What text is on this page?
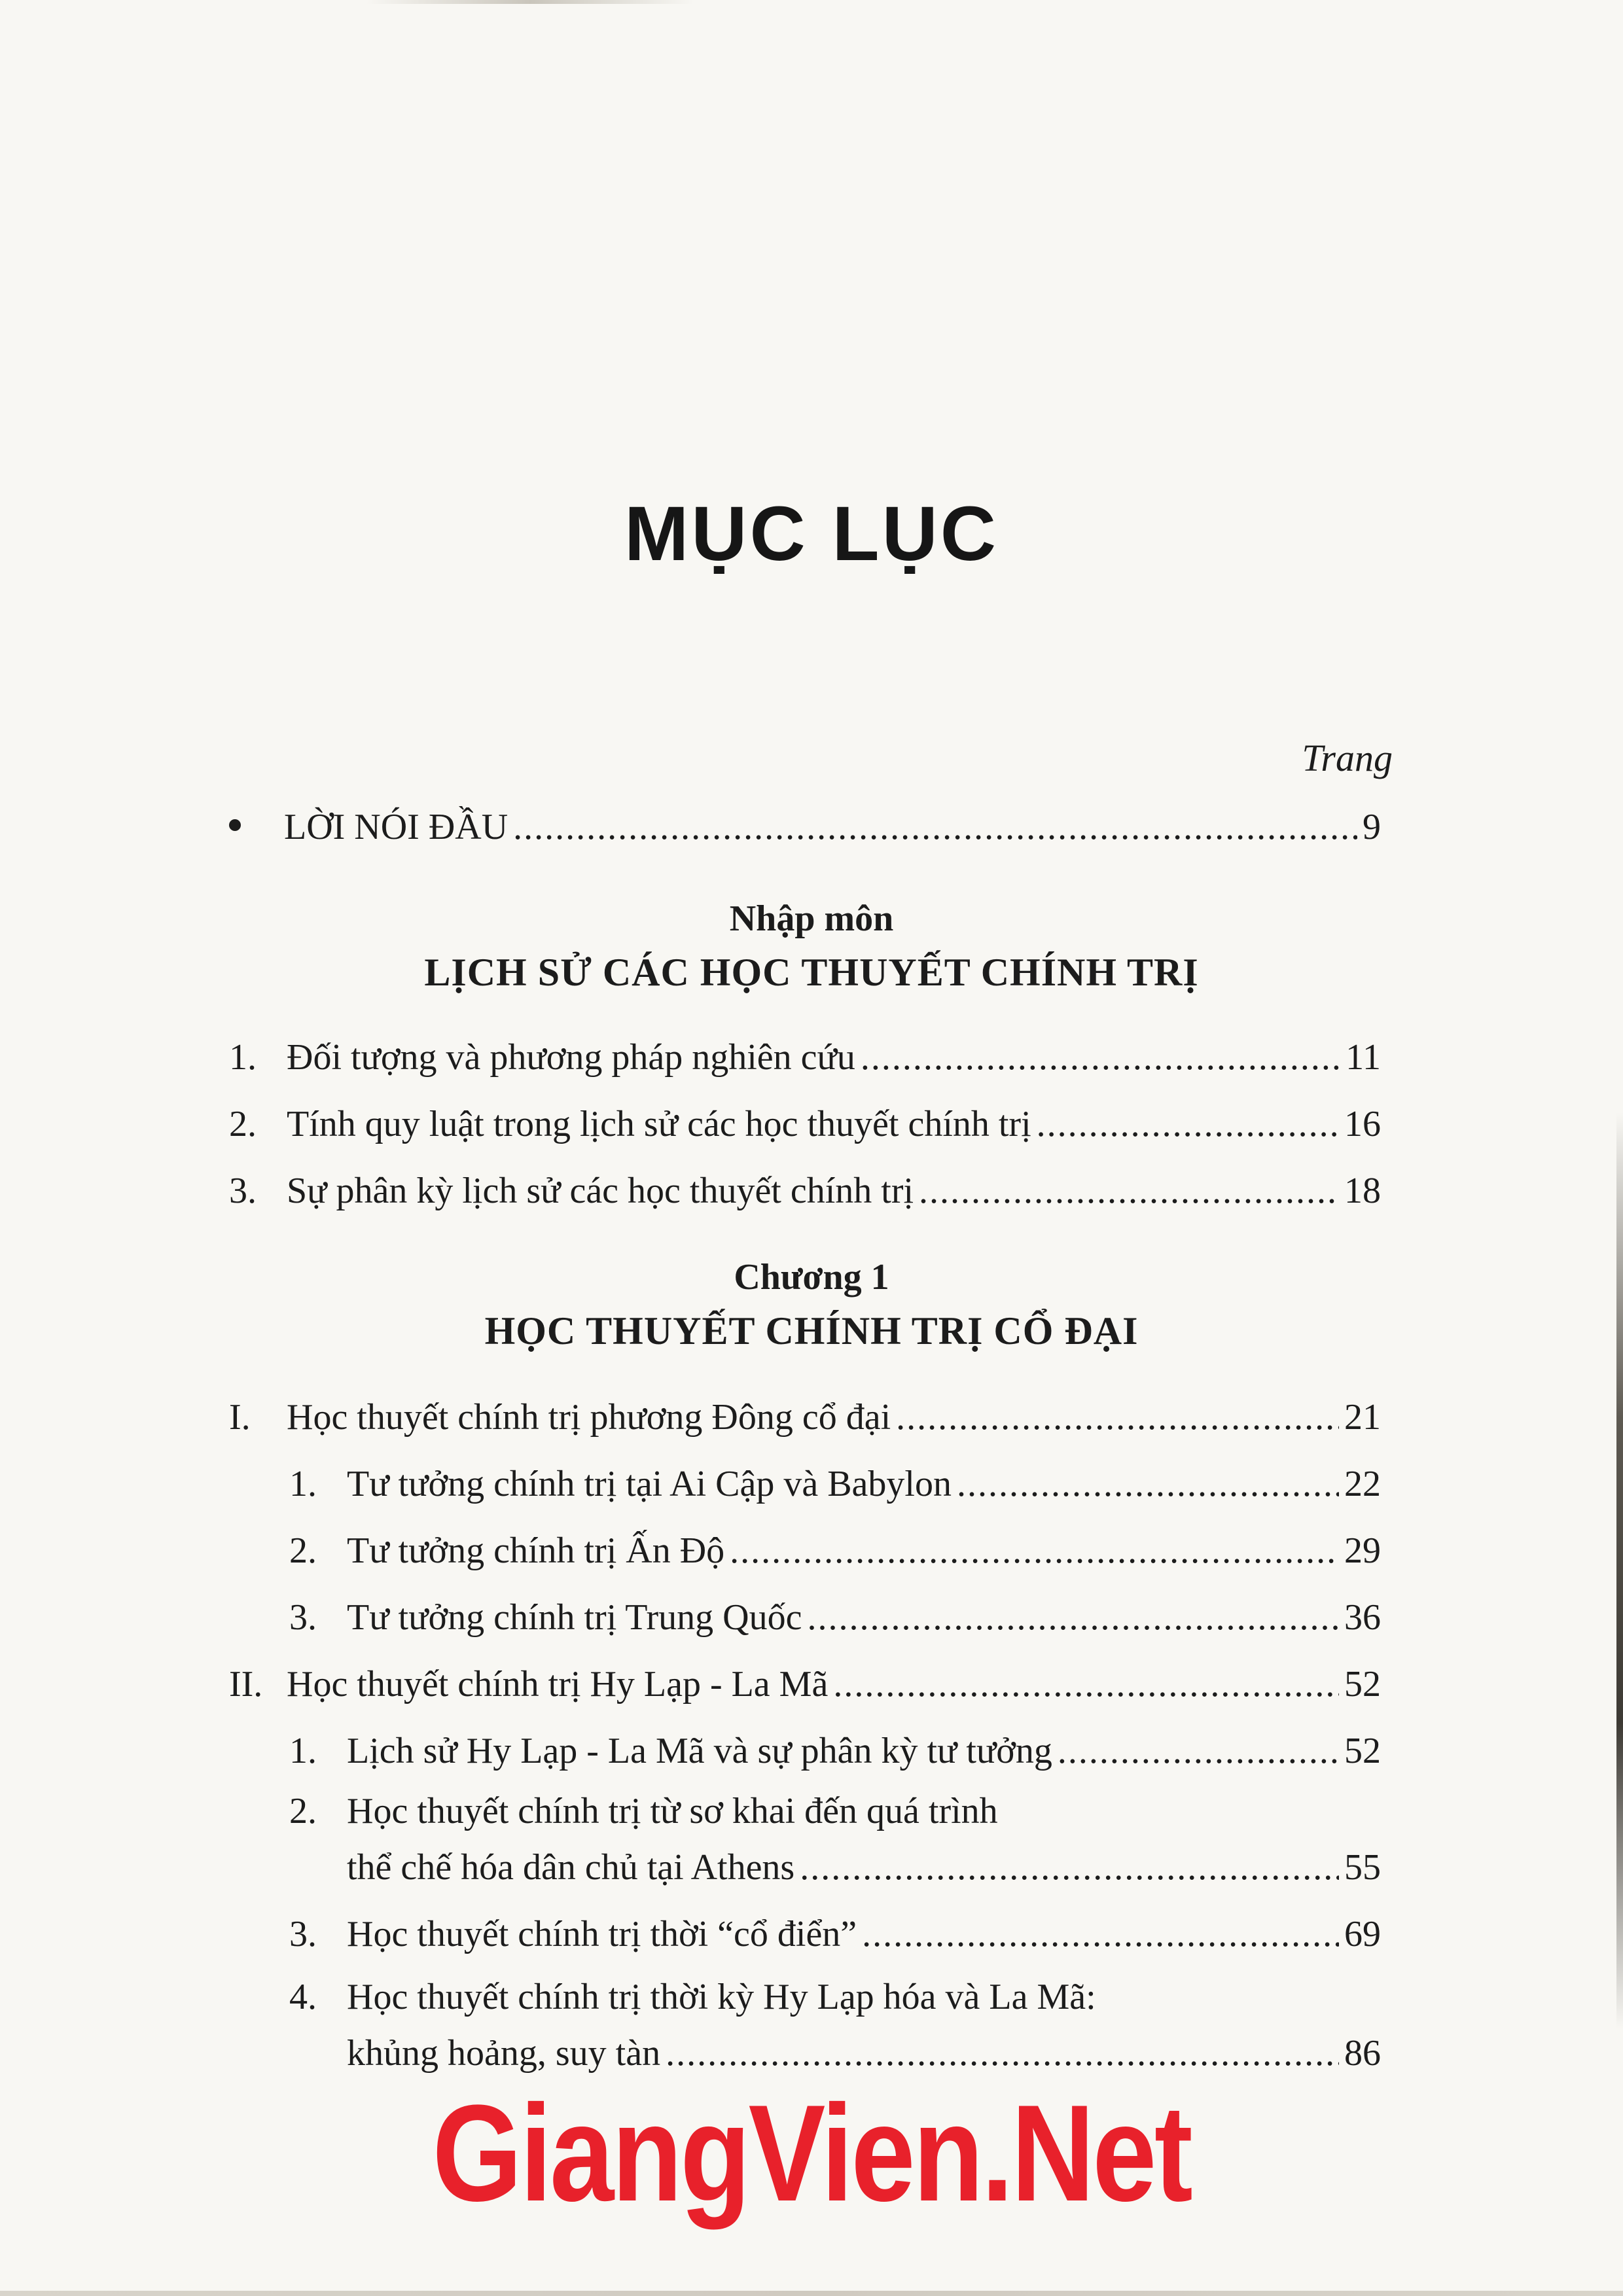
MỤC LỤC
Trang
LỜI NÓI ĐẦU .....	9
Nhập môn
LỊCH SỬ CÁC HỌC THUYẾT CHÍNH TRỊ
1. Đối tượng và phương pháp nghiên cứu .....	11
2. Tính quy luật trong lịch sử các học thuyết chính trị .....	16
3. Sự phân kỳ lịch sử các học thuyết chính trị .....	18
Chương 1
HỌC THUYẾT CHÍNH TRỊ CỔ ĐẠI
I. Học thuyết chính trị phương Đông cổ đại .....	21
1. Tư tưởng chính trị tại Ai Cập và Babylon .....	22
2. Tư tưởng chính trị Ấn Độ .....	29
3. Tư tưởng chính trị Trung Quốc .....	36
II. Học thuyết chính trị Hy Lạp - La Mã .....	52
1. Lịch sử Hy Lạp - La Mã và sự phân kỳ tư tưởng .....	52
2. Học thuyết chính trị từ sơ khai đến quá trình
thể chế hóa dân chủ tại Athens .....	55
3. Học thuyết chính trị thời “cổ điển” .....	69
4. Học thuyết chính trị thời kỳ Hy Lạp hóa và La Mã:
khủng hoảng, suy tàn .....	86
GiangVien.Net
